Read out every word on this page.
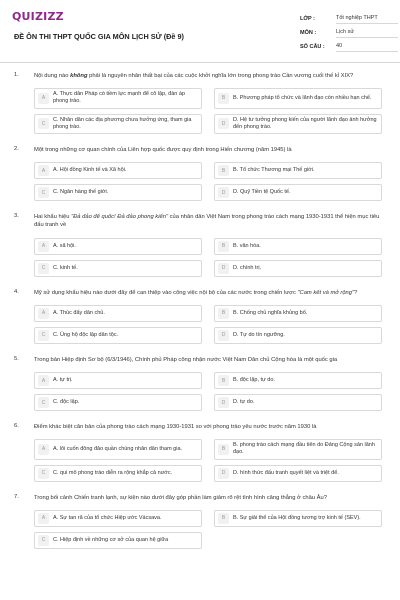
QUIZIZZ
ĐỀ ÔN THI THPT QUỐC GIA MÔN LỊCH SỬ (Đề 9)
LỚP :	Tốt nghiệp THPT
MÔN :	Lịch sử
SỐ CÂU :	40
1.	Nội dung nào không phải là nguyên nhân thất bại của các cuộc khởi nghĩa lớn trong phong trào Cần vương cuối thế kỉ XIX?
A
A. Thực dân Pháp có tiềm lực mạnh để cô lập, đàn áp phong trào.	B	B. Phương pháp tổ chức và lãnh đạo còn nhiều hạn chế.
C
C. Nhân dân các địa phương chưa hưởng ứng, tham gia phong trào.	D
D. Hệ tư tưởng phong kiến của người lãnh đạo ảnh hưởng đến phong trào.
2.	Một trong những cơ quan chính của Liên hợp quốc được quy định trong Hiến chương (năm 1945) là
A	A. Hội đồng Kinh tế và Xã hội.	B	B. Tổ chức Thương mại Thế giới.
C	C. Ngân hàng thế giới.	D	D. Quỹ Tiền tệ Quốc tế.
3.	Hai khẩu hiệu "Đả đảo đế quốc! Đả đảo phong kiến" của nhân dân Việt Nam trong phong trào cách mạng 1930-1931 thể hiện mục tiêu đấu tranh về
A	A. xã hội.	B	B. văn hóa.
C	C. kinh tế.	D	D. chính trị.
4.	Mỹ sử dụng khẩu hiệu nào dưới đây để can thiệp vào công việc nội bộ của các nước trong chiến lược "Cam kết và mở rộng"?
A	A. Thúc đẩy dân chủ.	B	B. Chống chủ nghĩa khủng bố.
C	C. Ủng hộ độc lập dân tộc.	D	D. Tự do tín ngưỡng.
5.	Trong bản Hiệp định Sơ bộ (6/3/1946), Chính phủ Pháp công nhận nước Việt Nam Dân chủ Cộng hòa là một quốc gia
A	A. tự trị.	B	B. độc lập, tự do.
C	C. độc lập.	D	D. tự do.
6.	Điểm khác biệt căn bản của phong trào cách mạng 1930-1931 so với phong trào yêu nước trước năm 1930 là
A	A. lôi cuốn đông đảo quần chúng nhân dân tham gia.	B
B. phong trào cách mạng đầu tiên do Đảng Cộng sản lãnh đạo.
C	C. qui mô phong trào diễn ra rộng khắp cả nước.	D	D. hình thức đấu tranh quyết liệt và triệt để.
7.	Trong bối cảnh Chiến tranh lạnh, sự kiện nào dưới đây góp phần làm giảm rõ rệt tình hình căng thẳng ở châu Âu?
A	A. Sự tan rã của tổ chức Hiệp ước Vácsava.	B	B. Sự giải thể của Hội đồng tương trợ kinh tế (SEV).
C	C. Hiệp định về những cơ sở của quan hệ giữa
